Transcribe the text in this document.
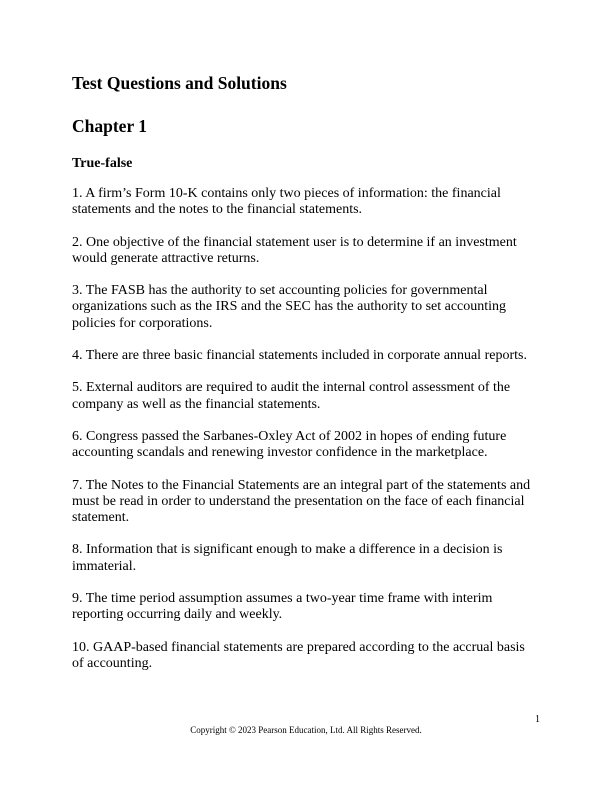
Test Questions and Solutions
Chapter 1
True-false
1. A firm’s Form 10-K contains only two pieces of information: the financial statements and the notes to the financial statements.
2. One objective of the financial statement user is to determine if an investment would generate attractive returns.
3. The FASB has the authority to set accounting policies for governmental organizations such as the IRS and the SEC has the authority to set accounting policies for corporations.
4. There are three basic financial statements included in corporate annual reports.
5. External auditors are required to audit the internal control assessment of the company as well as the financial statements.
6. Congress passed the Sarbanes-Oxley Act of 2002 in hopes of ending future accounting scandals and renewing investor confidence in the marketplace.
7. The Notes to the Financial Statements are an integral part of the statements and must be read in order to understand the presentation on the face of each financial statement.
8. Information that is significant enough to make a difference in a decision is immaterial.
9. The time period assumption assumes a two-year time frame with interim reporting occurring daily and weekly.
10. GAAP-based financial statements are prepared according to the accrual basis of accounting.
1
Copyright © 2023 Pearson Education, Ltd. All Rights Reserved.
